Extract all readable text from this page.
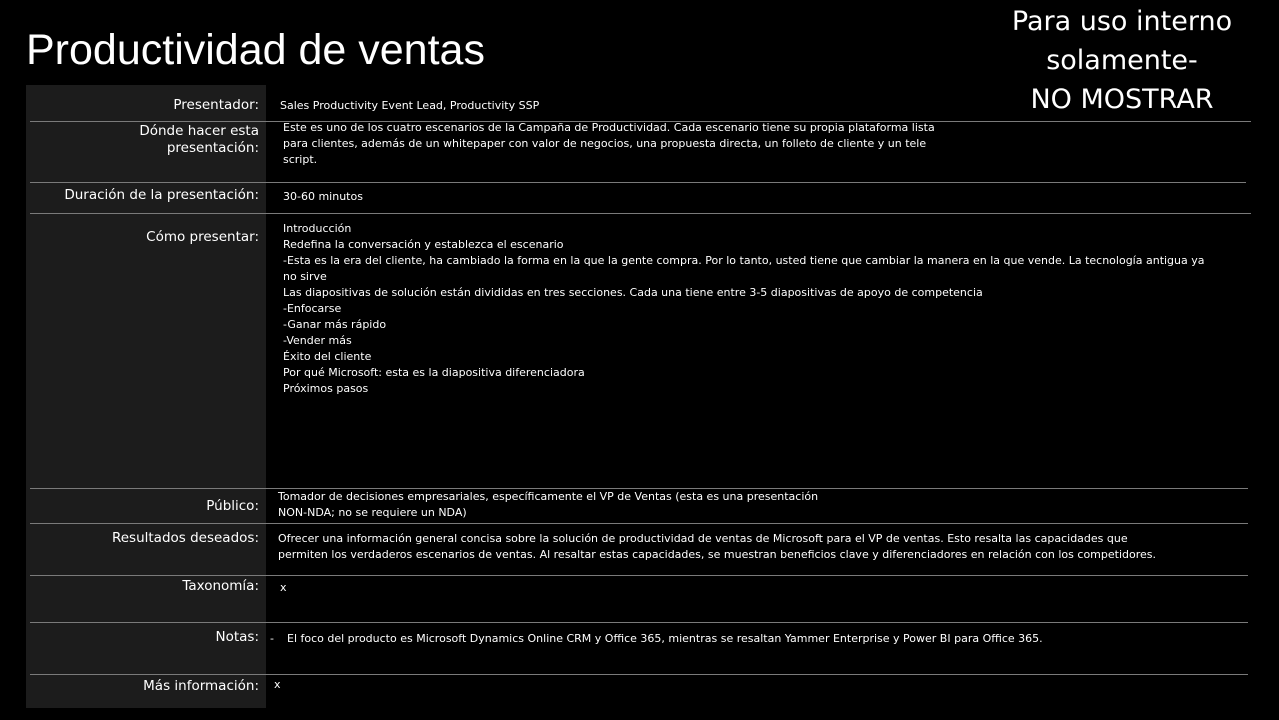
Productividad de ventas
Para uso interno
solamente-
NO MOSTRAR
Presentador: Sales Productivity Event Lead, Productivity SSP
Dónde hacer esta
presentación:
Este es uno de los cuatro escenarios de la Campaña de Productividad. Cada escenario tiene su propia plataforma lista
para clientes, además de un whitepaper con valor de negocios, una propuesta directa, un folleto de cliente y un tele
script.
Duración de la presentación: 30-60 minutos
Cómo presentar:
Introducción
Redefina la conversación y establezca el escenario
-Esta es la era del cliente, ha cambiado la forma en la que la gente compra. Por lo tanto, usted tiene que cambiar la manera en la que vende. La tecnología antigua ya
no sirve
Las diapositivas de solución están divididas en tres secciones. Cada una tiene entre 3-5 diapositivas de apoyo de competencia
-Enfocarse
-Ganar más rápido
-Vender más
Éxito del cliente
Por qué Microsoft: esta es la diapositiva diferenciadora
Próximos pasos
Público:
Tomador de decisiones empresariales, específicamente el VP de Ventas (esta es una presentación
NON-NDA; no se requiere un NDA)
Resultados deseados: Ofrecer una información general concisa sobre la solución de productividad de ventas de Microsoft para el VP de ventas. Esto resalta las capacidades que
permiten los verdaderos escenarios de ventas. Al resaltar estas capacidades, se muestran beneficios clave y diferenciadores en relación con los competidores.
Taxonomía: x
Notas: - El foco del producto es Microsoft Dynamics Online CRM y Office 365, mientras se resaltan Yammer Enterprise y Power BI para Office 365.
Más información: x
